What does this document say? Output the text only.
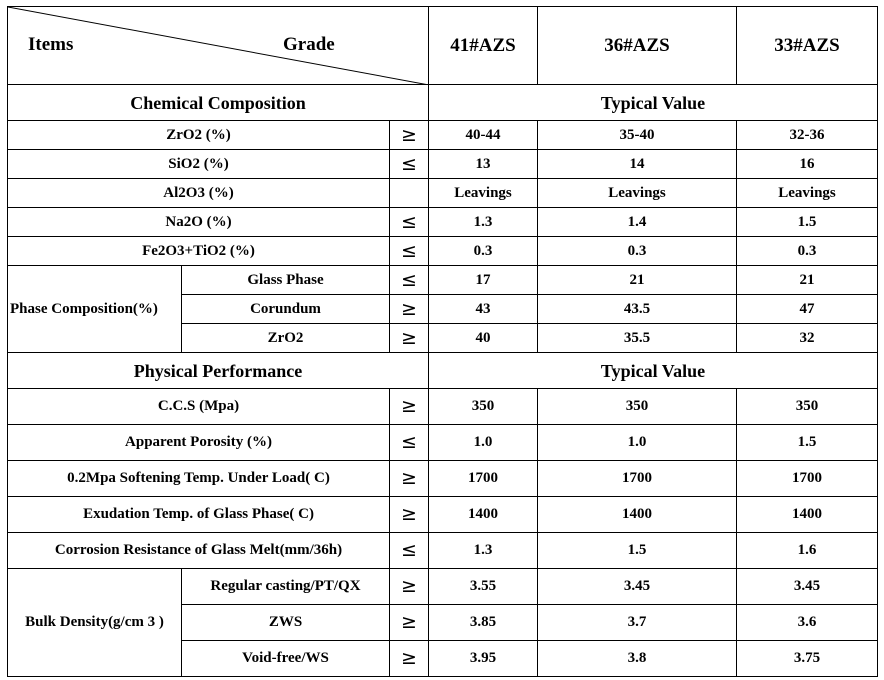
Items Grade			41#AZS	36#AZS	33#AZS
Chemical Composition			Typical Value		
ZrO2 (%)		≥	40-44	35-40	32-36
SiO2 (%)		≤	13	14	16
Al2O3 (%)			Leavings	Leavings	Leavings
Na2O (%)		≤	1.3	1.4	1.5
Fe2O3+TiO2 (%)		≤	0.3	0.3	0.3
Phase Composition(%)	Glass Phase	≤	17	21	21
	Corundum	≥	43	43.5	47
	ZrO2	≥	40	35.5	32
Physical Performance			Typical Value		
C.C.S (Mpa)		≥	350	350	350
Apparent Porosity (%)		≤	1.0	1.0	1.5
0.2Mpa Softening Temp. Under Load( C)		≥	1700	1700	1700
Exudation Temp. of Glass Phase( C)		≥	1400	1400	1400
Corrosion Resistance of Glass Melt(mm/36h)		≤	1.3	1.5	1.6
Bulk Density(g/cm 3 )	Regular casting/PT/QX	≥	3.55	3.45	3.45
	ZWS	≥	3.85	3.7	3.6
	Void-free/WS	≥	3.95	3.8	3.75
